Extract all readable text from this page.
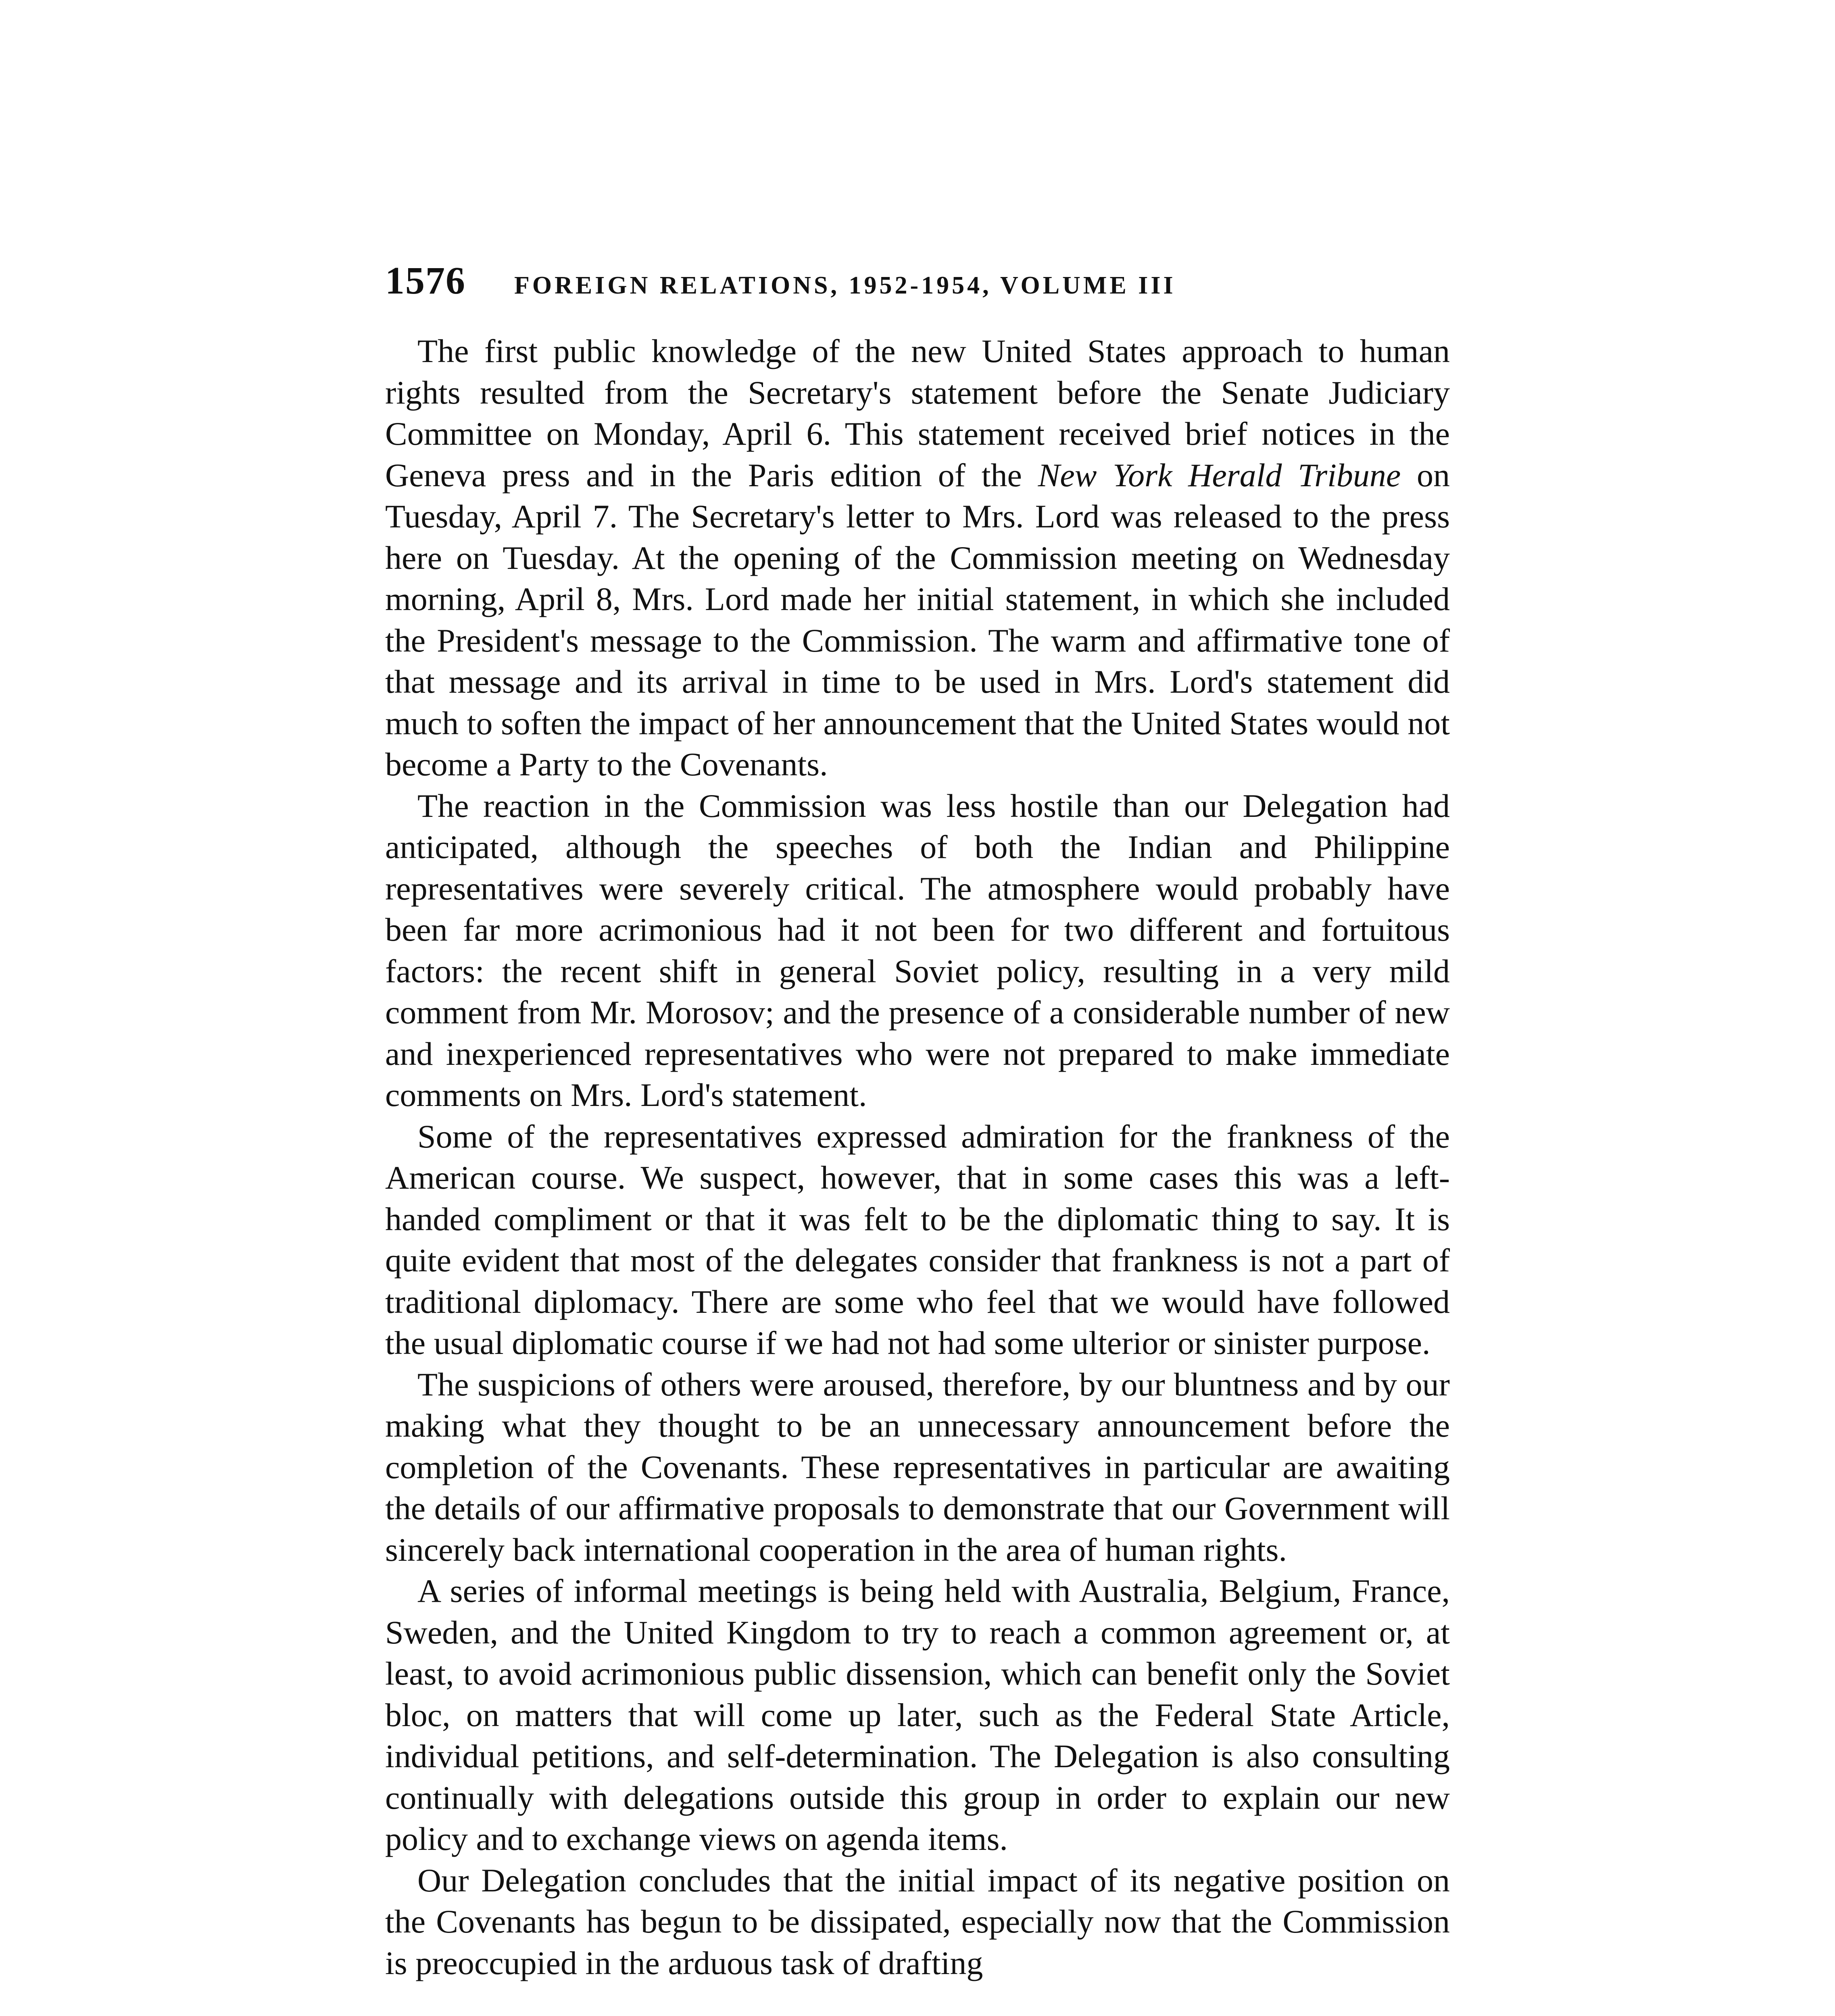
1576	FOREIGN RELATIONS, 1952-1954, VOLUME III

The first public knowledge of the new United States approach to human rights resulted from the Secretary's statement before the Senate Judiciary Committee on Monday, April 6. This statement received brief notices in the Geneva press and in the Paris edition of the New York Herald Tribune on Tuesday, April 7. The Secretary's letter to Mrs. Lord was released to the press here on Tuesday. At the opening of the Commission meeting on Wednesday morning, April 8, Mrs. Lord made her initial statement, in which she included the President's message to the Commission. The warm and affirmative tone of that message and its arrival in time to be used in Mrs. Lord's statement did much to soften the impact of her announcement that the United States would not become a Party to the Covenants.

The reaction in the Commission was less hostile than our Delegation had anticipated, although the speeches of both the Indian and Philippine representatives were severely critical. The atmosphere would probably have been far more acrimonious had it not been for two different and fortuitous factors: the recent shift in general Soviet policy, resulting in a very mild comment from Mr. Morosov; and the presence of a considerable number of new and inexperienced representatives who were not prepared to make immediate comments on Mrs. Lord's statement.

Some of the representatives expressed admiration for the frankness of the American course. We suspect, however, that in some cases this was a left-handed compliment or that it was felt to be the diplomatic thing to say. It is quite evident that most of the delegates consider that frankness is not a part of traditional diplomacy. There are some who feel that we would have followed the usual diplomatic course if we had not had some ulterior or sinister purpose.

The suspicions of others were aroused, therefore, by our bluntness and by our making what they thought to be an unnecessary announcement before the completion of the Covenants. These representatives in particular are awaiting the details of our affirmative proposals to demonstrate that our Government will sincerely back international cooperation in the area of human rights.

A series of informal meetings is being held with Australia, Belgium, France, Sweden, and the United Kingdom to try to reach a common agreement or, at least, to avoid acrimonious public dissension, which can benefit only the Soviet bloc, on matters that will come up later, such as the Federal State Article, individual petitions, and self-determination. The Delegation is also consulting continually with delegations outside this group in order to explain our new policy and to exchange views on agenda items.

Our Delegation concludes that the initial impact of its negative position on the Covenants has begun to be dissipated, especially now that the Commission is preoccupied in the arduous task of drafting
